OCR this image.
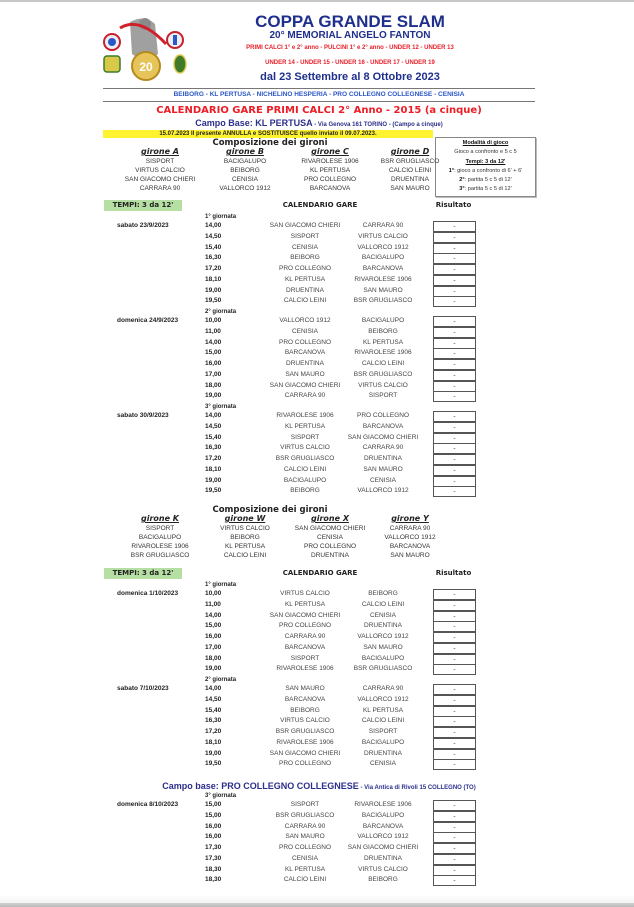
20
COPPA GRANDE SLAM
20° MEMORIAL ANGELO FANTON
PRIMI CALCI 1° e 2° anno - PULCINI 1° e 2° anno - UNDER 12 - UNDER 13
UNDER 14 - UNDER 15 - UNDER 16 - UNDER 17 - UNDER 19
dal 23 Settembre al 8 Ottobre 2023
BEIBORG - KL PERTUSA - NICHELINO HESPERIA - PRO COLLEGNO COLLEGNESE - CENISIA
CALENDARIO GARE PRIMI CALCI 2° Anno - 2015 (a cinque)
Campo Base: KL PERTUSA - Via Genova 161 TORINO - (Campo a cinque)
15.07.2023 Il presente ANNULLA e SOSTITUISCE quello inviato il 09.07.2023.
Modalità di gioco
Gioco a confronto e 5 c 5
Tempi: 3 da 12'
1°: gioco a confronto di 6' + 6'
2°: partita 5 c 5 di 12'
3°: partita 5 c 5 di 12'
Composizione dei gironi
girone A
SISPORT
VIRTUS CALCIO
SAN GIACOMO CHIERI
CARRARA 90
girone B
BACIGALUPO
BEIBORG
CENISIA
VALLORCO 1912
girone C
RIVAROLESE 1906
KL PERTUSA
PRO COLLEGNO
BARCANOVA
girone D
BSR GRUGLIASCO
CALCIO LEINI
DRUENTINA
SAN MAURO
TEMPI: 3 da 12'	CALENDARIO GARE	Risultato
1° giornata
sabato 23/9/2023	14,00	SAN GIACOMO CHIERI	CARRARA 90	-
14,50	SISPORT	VIRTUS CALCIO	-
15,40	CENISIA	VALLORCO 1912	-
16,30	BEIBORG	BACIGALUPO	-
17,20	PRO COLLEGNO	BARCANOVA	-
18,10	KL PERTUSA	RIVAROLESE 1906	-
19,00	DRUENTINA	SAN MAURO	-
19,50	CALCIO LEINI	BSR GRUGLIASCO	-
2° giornata
domenica 24/9/2023	10,00	VALLORCO 1912	BACIGALUPO	-
11,00	CENISIA	BEIBORG	-
14,00	PRO COLLEGNO	KL PERTUSA	-
15,00	BARCANOVA	RIVAROLESE 1906	-
16,00	DRUENTINA	CALCIO LEINI	-
17,00	SAN MAURO	BSR GRUGLIASCO	-
18,00	SAN GIACOMO CHIERI	VIRTUS CALCIO	-
19,00	CARRARA 90	SISPORT	-
3° giornata
sabato 30/9/2023	14,00	RIVAROLESE 1906	PRO COLLEGNO	-
14,50	KL PERTUSA	BARCANOVA	-
15,40	SISPORT	SAN GIACOMO CHIERI	-
16,30	VIRTUS CALCIO	CARRARA 90	-
17,20	BSR GRUGLIASCO	DRUENTINA	-
18,10	CALCIO LEINI	SAN MAURO	-
19,00	BACIGALUPO	CENISIA	-
19,50	BEIBORG	VALLORCO 1912	-
Composizione dei gironi
girone K
SISPORT
BACIGALUPO
RIVAROLESE 1906
BSR GRUGLIASCO
girone W
VIRTUS CALCIO
BEIBORG
KL PERTUSA
CALCIO LEINI
girone X
SAN GIACOMO CHIERI
CENISIA
PRO COLLEGNO
DRUENTINA
girone Y
CARRARA 90
VALLORCO 1912
BARCANOVA
SAN MAURO
TEMPI: 3 da 12'	CALENDARIO GARE	Risultato
1° giornata
domenica 1/10/2023	10,00	VIRTUS CALCIO	BEIBORG	-
11,00	KL PERTUSA	CALCIO LEINI	-
14,00	SAN GIACOMO CHIERI	CENISIA	-
15,00	PRO COLLEGNO	DRUENTINA	-
16,00	CARRARA 90	VALLORCO 1912	-
17,00	BARCANOVA	SAN MAURO	-
18,00	SISPORT	BACIGALUPO	-
19,00	RIVAROLESE 1906	BSR GRUGLIASCO	-
2° giornata
sabato 7/10/2023	14,00	SAN MAURO	CARRARA 90	-
14,50	BARCANOVA	VALLORCO 1912	-
15,40	BEIBORG	KL PERTUSA	-
16,30	VIRTUS CALCIO	CALCIO LEINI	-
17,20	BSR GRUGLIASCO	SISPORT	-
18,10	RIVAROLESE 1906	BACIGALUPO	-
19,00	SAN GIACOMO CHIERI	DRUENTINA	-
19,50	PRO COLLEGNO	CENISIA	-
Campo base: PRO COLLEGNO COLLEGNESE - Via Antica di Rivoli 15 COLLEGNO (TO)
3° giornata
domenica 8/10/2023	15,00	SISPORT	RIVAROLESE 1906	-
15,00	BSR GRUGLIASCO	BACIGALUPO	-
16,00	CARRARA 90	BARCANOVA	-
16,00	SAN MAURO	VALLORCO 1912	-
17,30	PRO COLLEGNO	SAN GIACOMO CHIERI	-
17,30	CENISIA	DRUENTINA	-
18,30	KL PERTUSA	VIRTUS CALCIO	-
18,30	CALCIO LEINI	BEIBORG	-
